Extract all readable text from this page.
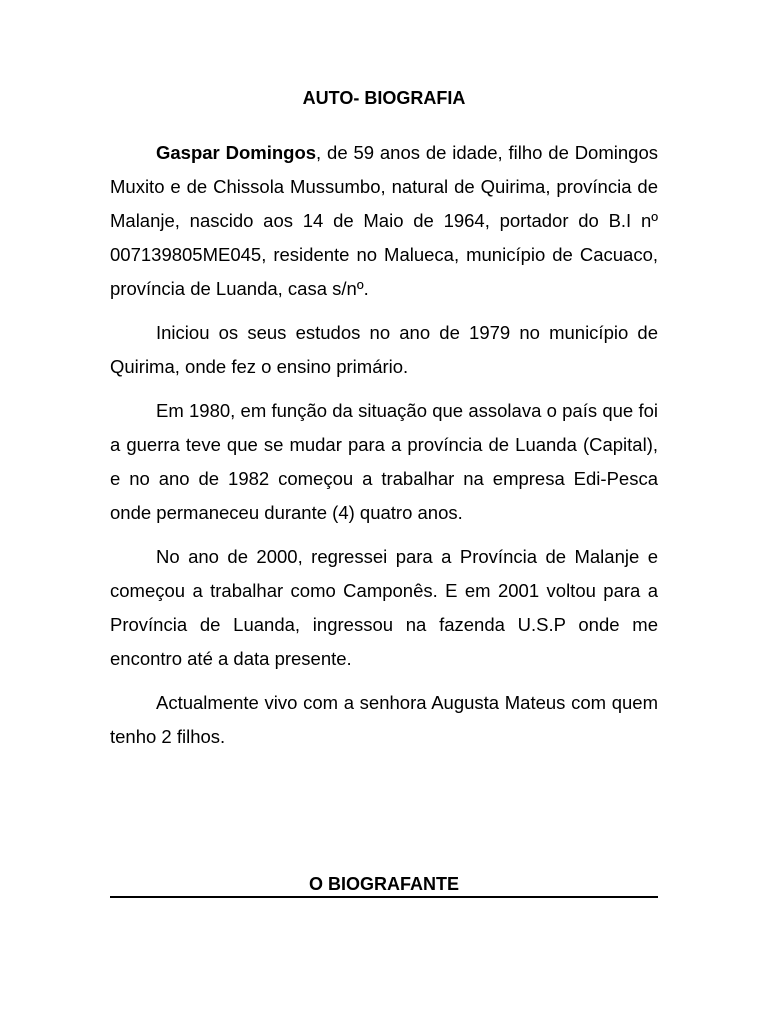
AUTO- BIOGRAFIA

Gaspar Domingos, de 59 anos de idade, filho de Domingos Muxito e de Chissola Mussumbo, natural de Quirima, província de Malanje, nascido aos 14 de Maio de 1964, portador do B.I nº 007139805ME045, residente no Malueca, município de Cacuaco, província de Luanda, casa s/nº.

Iniciou os seus estudos no ano de 1979 no município de Quirima, onde fez o ensino primário.

Em 1980, em função da situação que assolava o país que foi a guerra teve que se mudar para a província de Luanda (Capital), e no ano de 1982 começou a trabalhar na empresa Edi-Pesca onde permaneceu durante (4) quatro anos.

No ano de 2000, regressei para a Província de Malanje e começou a trabalhar como Camponês. E em 2001 voltou para a Província de Luanda, ingressou na fazenda U.S.P onde me encontro até a data presente.

Actualmente vivo com a senhora Augusta Mateus com quem tenho 2 filhos.

O BIOGRAFANTE
